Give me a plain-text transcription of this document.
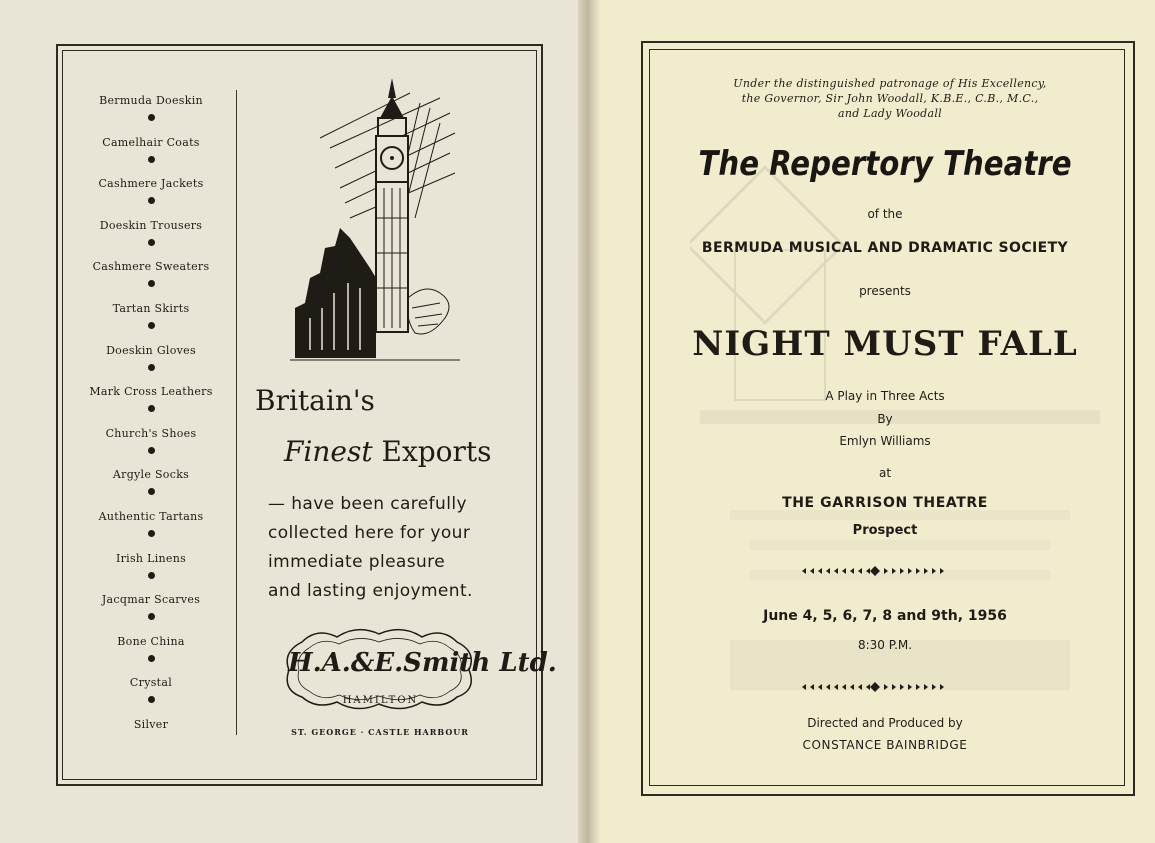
Bermuda Doeskin
Camelhair Coats
Cashmere Jackets
Doeskin Trousers
Cashmere Sweaters
Tartan Skirts
Doeskin Gloves
Mark Cross Leathers
Church's Shoes
Argyle Socks
Authentic Tartans
Irish Linens
Jacqmar Scarves
Bone China
Crystal
Silver
Britain's
Finest Exports
— have been carefully
collected here for your
immediate pleasure
and lasting enjoyment.
H.A.&E.Smith Ltd.
HAMILTON
ST. GEORGE · CASTLE HARBOUR
Under the distinguished patronage of His Excellency,
the Governor, Sir John Woodall, K.B.E., C.B., M.C.,
and Lady Woodall
The Repertory Theatre
of the
BERMUDA MUSICAL AND DRAMATIC SOCIETY
presents
NIGHT MUST FALL
A Play in Three Acts
By
Emlyn Williams
at
THE GARRISON THEATRE
Prospect
June 4, 5, 6, 7, 8 and 9th, 1956
8:30 P.M.
Directed and Produced by
CONSTANCE BAINBRIDGE
